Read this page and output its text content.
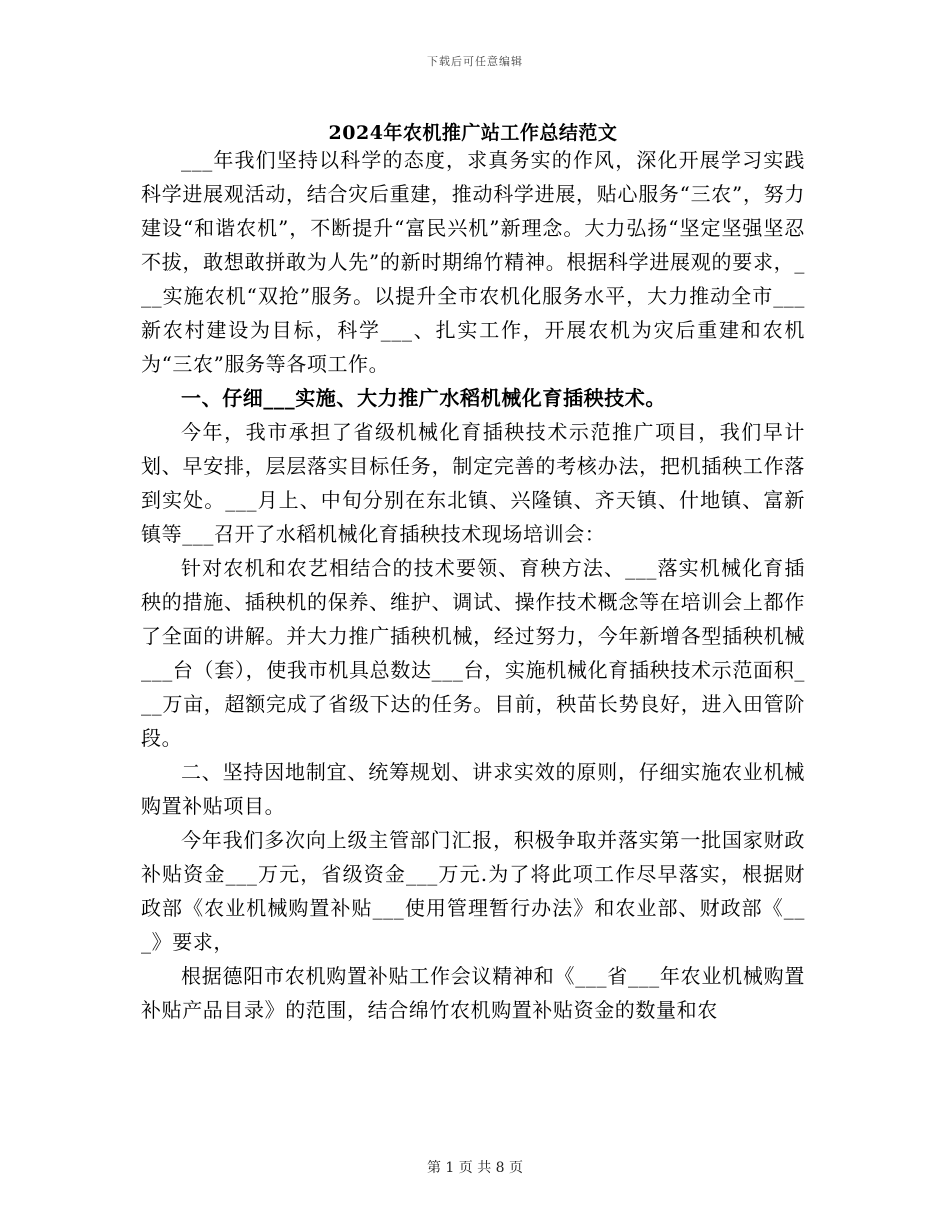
下载后可任意编辑
2024年农机推广站工作总结范文

___年我们坚持以科学的态度，求真务实的作风，深化开展学习实践科学进展观活动，结合灾后重建，推动科学进展，贴心服务“三农”，努力建设“和谐农机”，不断提升“富民兴机”新理念。大力弘扬“坚定坚强坚忍不拔，敢想敢拼敢为人先”的新时期绵竹精神。根据科学进展观的要求，___实施农机“双抢”服务。以提升全市农机化服务水平，大力推动全市___新农村建设为目标，科学___、扎实工作，开展农机为灾后重建和农机为“三农”服务等各项工作。

一、仔细___实施、大力推广水稻机械化育插秧技术。

今年，我市承担了省级机械化育插秧技术示范推广项目，我们早计划、早安排，层层落实目标任务，制定完善的考核办法，把机插秧工作落到实处。___月上、中旬分别在东北镇、兴隆镇、齐天镇、什地镇、富新镇等___召开了水稻机械化育插秧技术现场培训会：

针对农机和农艺相结合的技术要领、育秧方法、___落实机械化育插秧的措施、插秧机的保养、维护、调试、操作技术概念等在培训会上都作了全面的讲解。并大力推广插秧机械，经过努力，今年新增各型插秧机械___台（套），使我市机具总数达___台，实施机械化育插秧技术示范面积___万亩，超额完成了省级下达的任务。目前，秧苗长势良好，进入田管阶段。

二、坚持因地制宜、统筹规划、讲求实效的原则，仔细实施农业机械购置补贴项目。

今年我们多次向上级主管部门汇报，积极争取并落实第一批国家财政补贴资金___万元，省级资金___万元.为了将此项工作尽早落实，根据财政部《农业机械购置补贴___使用管理暂行办法》和农业部、财政部《___》要求，

根据德阳市农机购置补贴工作会议精神和《___省___年农业机械购置补贴产品目录》的范围，结合绵竹农机购置补贴资金的数量和农

第 1 页 共 8 页
